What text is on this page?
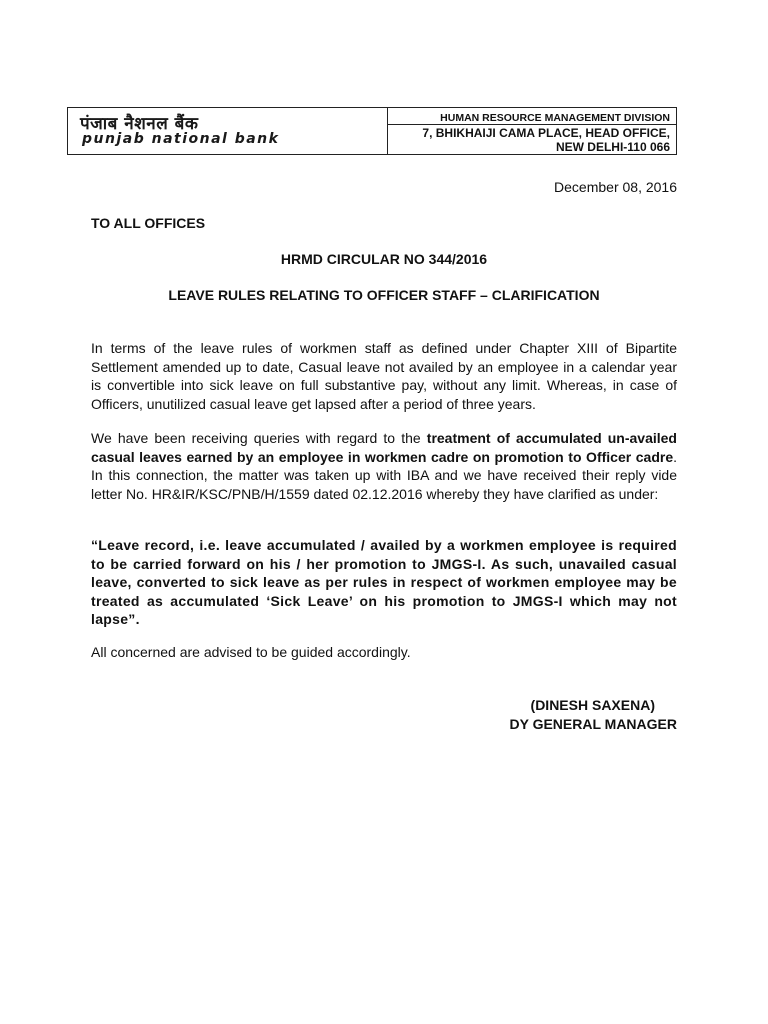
पंजाब नैशनल बैंक
punjab national bank
HUMAN RESOURCE MANAGEMENT DIVISION
7, BHIKHAIJI CAMA PLACE, HEAD OFFICE,
NEW DELHI-110 066
December 08, 2016
TO ALL OFFICES
HRMD CIRCULAR NO 344/2016
LEAVE RULES RELATING TO OFFICER STAFF – CLARIFICATION
In terms of the leave rules of workmen staff as defined under Chapter XIII of Bipartite Settlement amended up to date, Casual leave not availed by an employee in a calendar year is convertible into sick leave on full substantive pay, without any limit. Whereas, in case of Officers, unutilized casual leave get lapsed after a period of three years.
We have been receiving queries with regard to the treatment of accumulated un-availed casual leaves earned by an employee in workmen cadre on promotion to Officer cadre. In this connection, the matter was taken up with IBA and we have received their reply vide letter No. HR&IR/KSC/PNB/H/1559 dated 02.12.2016 whereby they have clarified as under:
“Leave record, i.e. leave accumulated / availed by a workmen employee is required to be carried forward on his / her promotion to JMGS-I. As such, unavailed casual leave, converted to sick leave as per rules in respect of workmen employee may be treated as accumulated ‘Sick Leave’ on his promotion to JMGS-I which may not lapse”.
All concerned are advised to be guided accordingly.
(DINESH SAXENA)
DY GENERAL MANAGER
